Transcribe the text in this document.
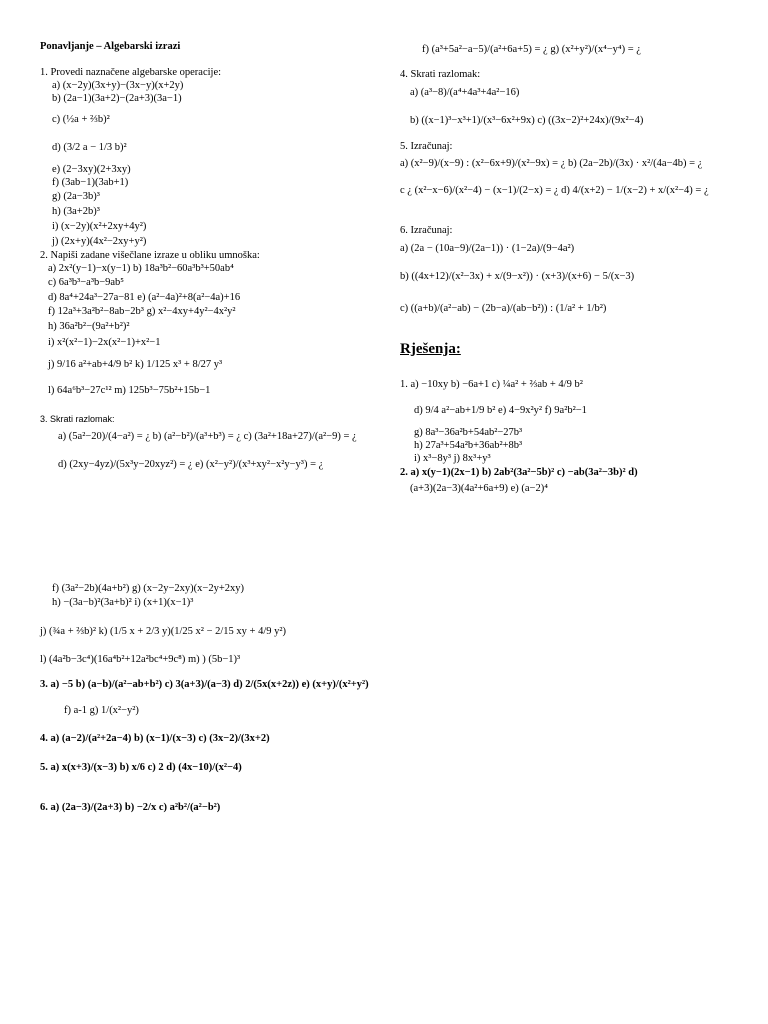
Ponavljanje – Algebarski izrazi
1. Provedi naznačene algebarske operacije:
a) (x−2y)(3x+y)−(3x−y)(x+2y)
b) (2a−1)(3a+2)−(2a+3)(3a−1)
c) (½a + ⅔b)²
d) (3/2 a − 1/3 b)²
e) (2−3xy)(2+3xy)
f) (3ab−1)(3ab+1)
g) (2a−3b)³
h) (3a+2b)³
i) (x−2y)(x²+2xy+4y²)
j) (2x+y)(4x²−2xy+y²)
2. Napiši zadane višečlane izraze u obliku umnoška:
a) 2x²(y−1)−x(y−1) b) 18a³b²−60a³b³+50ab⁴
c) 6a³b³−a³b−9ab⁵
d) 8a⁴+24a³−27a−81 e) (a²−4a)²+8(a²−4a)+16
f) 12a³+3a²b²−8ab−2b³ g) x²−4xy+4y²−4x²y²
h) 36a²b²−(9a²+b²)²
i) x²(x²−1)−2x(x²−1)+x²−1
j) 9/16 a²+ab+4/9 b² k) 1/125 x³ + 8/27 y³
l) 64a⁶b³−27c¹² m) 125b³−75b²+15b−1
3. Skrati razlomak:
a) (5a²−20)/(4−a²) = ¿ b) (a²−b²)/(a³+b³) = ¿ c) (3a²+18a+27)/(a²−9) = ¿
d) (2xy−4yz)/(5x³y−20xyz²) = ¿ e) (x²−y²)/(x³+xy²−x²y−y³) = ¿
f) (a³+5a²−a−5)/(a²+6a+5) = ¿ g) (x²+y²)/(x⁴−y⁴) = ¿
4. Skrati razlomak:
a) (a³−8)/(a⁴+4a³+4a²−16)
b) ((x−1)³−x³+1)/(x³−6x²+9x) c) ((3x−2)²+24x)/(9x²−4)
5. Izračunaj:
a) (x²−9)/(x−9) : (x²−6x+9)/(x²−9x) = ¿ b) (2a−2b)/(3x) · x²/(4a−4b) = ¿
c ¿ (x²−x−6)/(x²−4) − (x−1)/(2−x) = ¿ d) 4/(x+2) − 1/(x−2) + x/(x²−4) = ¿
6. Izračunaj:
a) (2a − (10a−9)/(2a−1)) · (1−2a)/(9−4a²)
b) ((4x+12)/(x²−3x) + x/(9−x²)) · (x+3)/(x+6) − 5/(x−3)
c) ((a+b)/(a²−ab) − (2b−a)/(ab−b²)) : (1/a² + 1/b²)
Rješenja:
1. a) −10xy b) −6a+1 c) ¼a² + ⅔ab + 4/9 b²
d) 9/4 a²−ab+1/9 b² e) 4−9x²y² f) 9a²b²−1
g) 8a³−36a²b+54ab²−27b³
h) 27a³+54a²b+36ab²+8b³
i) x³−8y³ j) 8x³+y³
2. a) x(y−1)(2x−1) b) 2ab²(3a²−5b)² c) −ab(3a²−3b)² d)
(a+3)(2a−3)(4a²+6a+9) e) (a−2)⁴
f) (3a²−2b)(4a+b²) g) (x−2y−2xy)(x−2y+2xy)
h) −(3a−b)²(3a+b)² i) (x+1)(x−1)³
j) (¾a + ⅔b)² k) (1/5 x + 2/3 y)(1/25 x² − 2/15 xy + 4/9 y²)
l) (4a²b−3c⁴)(16a⁴b²+12a²bc⁴+9c⁸) m) ) (5b−1)³
3. a) −5 b) (a−b)/(a²−ab+b²) c) 3(a+3)/(a−3) d) 2/(5x(x+2z)) e) (x+y)/(x²+y²)
f) a-1 g) 1/(x²−y²)
4. a) (a−2)/(a²+2a−4) b) (x−1)/(x−3) c) (3x−2)/(3x+2)
5. a) x(x+3)/(x−3) b) x/6 c) 2 d) (4x−10)/(x²−4)
6. a) (2a−3)/(2a+3) b) −2/x c) a²b²/(a²−b²)
